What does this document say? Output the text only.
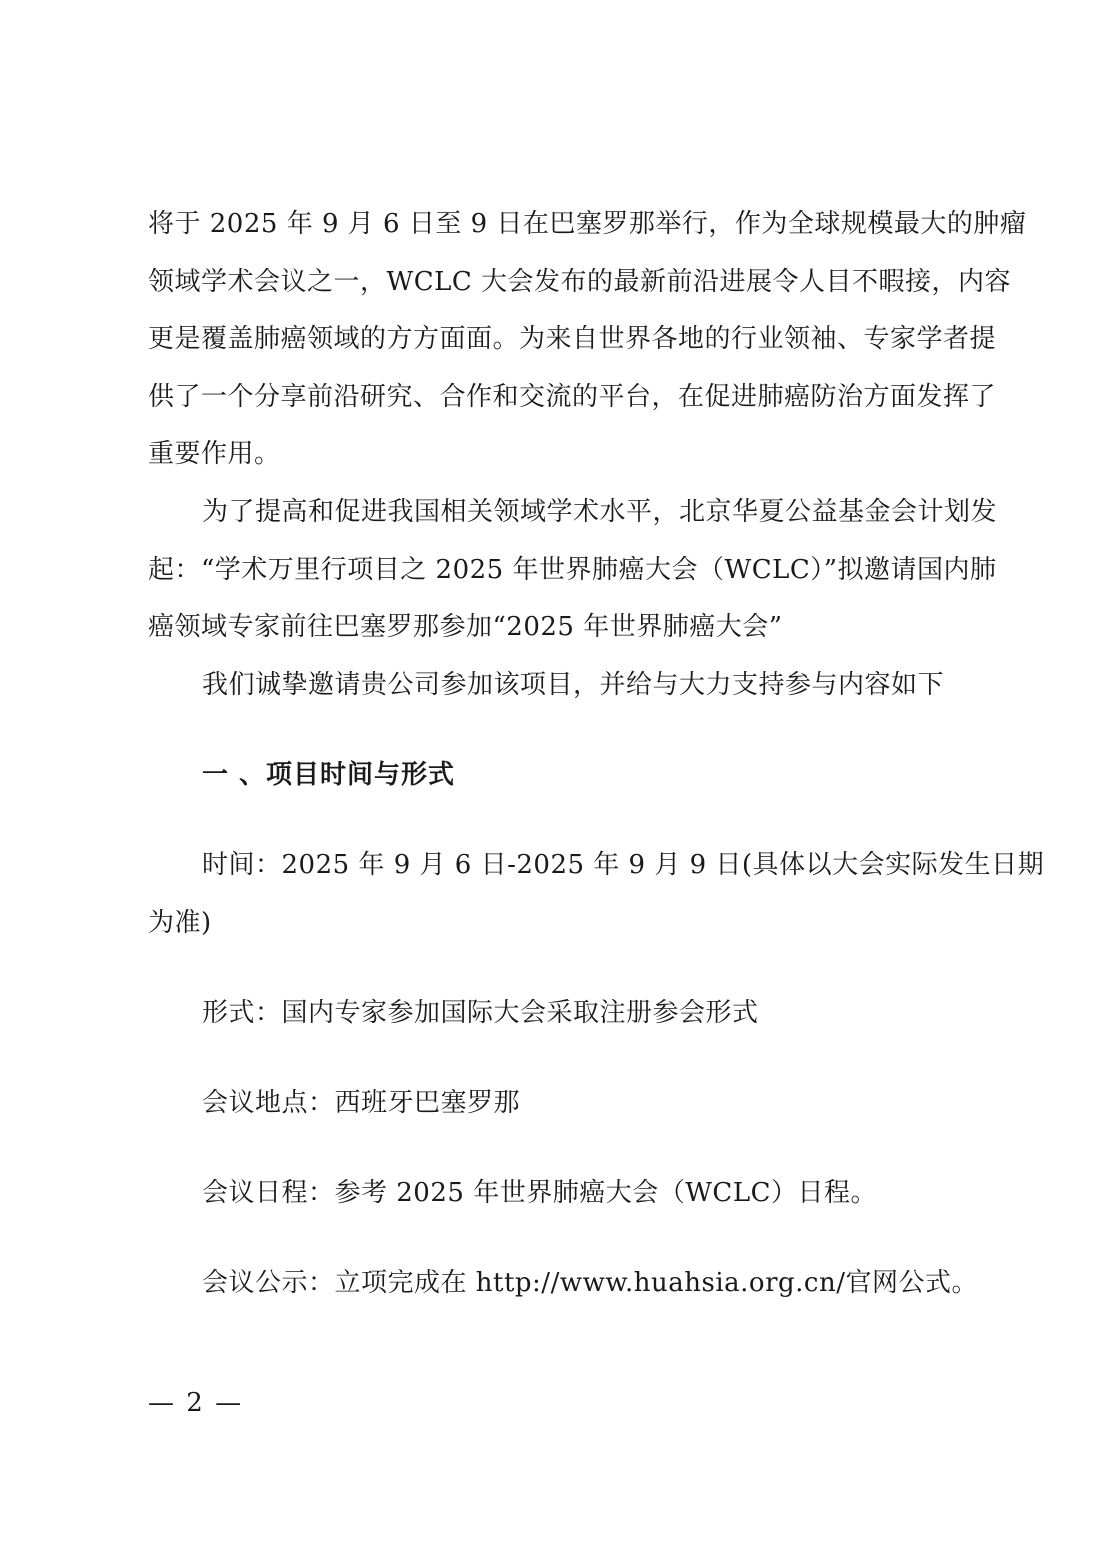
将于 2025 年 9 月 6 日至 9 日在巴塞罗那举行，作为全球规模最大的肿瘤
领域学术会议之一，WCLC 大会发布的最新前沿进展令人目不暇接，内容
更是覆盖肺癌领域的方方面面。为来自世界各地的行业领袖、专家学者提
供了一个分享前沿研究、合作和交流的平台，在促进肺癌防治方面发挥了
重要作用。
为了提高和促进我国相关领域学术水平，北京华夏公益基金会计划发
起：“学术万里行项目之 2025 年世界肺癌大会（WCLC）”拟邀请国内肺
癌领域专家前往巴塞罗那参加“2025 年世界肺癌大会”
我们诚挚邀请贵公司参加该项目，并给与大力支持参与内容如下
一 、项目时间与形式
时间：2025 年 9 月 6 日-2025 年 9 月 9 日(具体以大会实际发生日期
为准)
形式：国内专家参加国际大会采取注册参会形式
会议地点：西班牙巴塞罗那
会议日程：参考 2025 年世界肺癌大会（WCLC）日程。
会议公示：立项完成在 http://www.huahsia.org.cn/官网公式。
— 2 —
